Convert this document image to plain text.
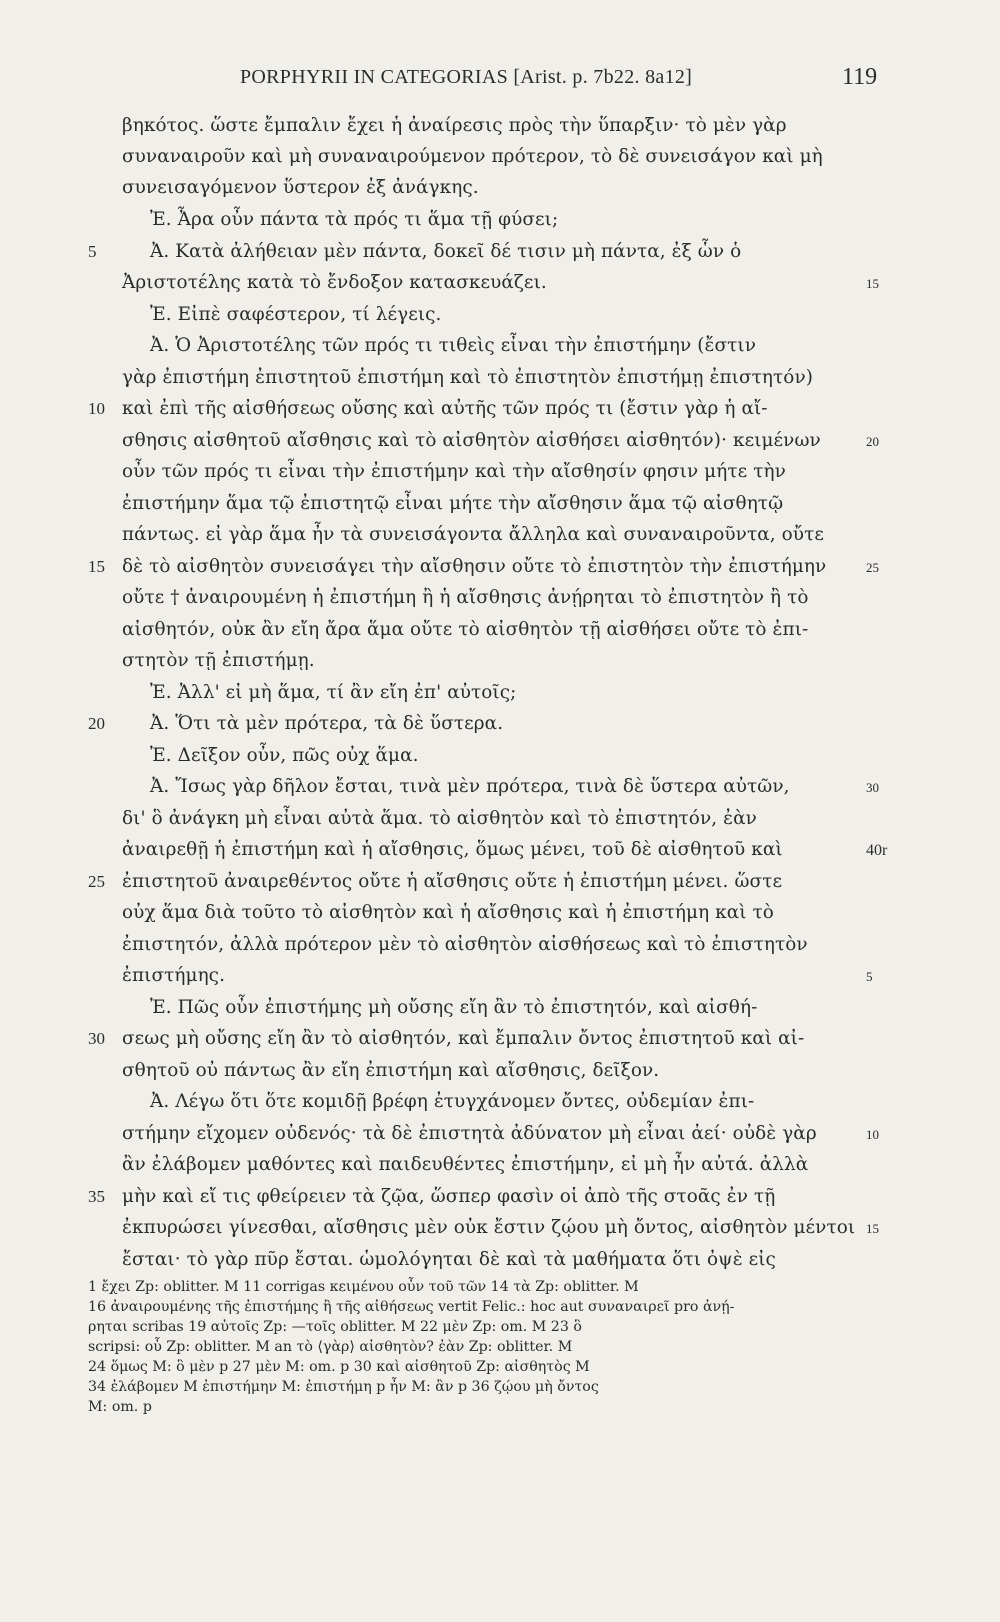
PORPHYRII IN CATEGORIAS [Arist. p. 7b22. 8a12]	119
βηκότος. ὥστε ἔμπαλιν ἔχει ἡ ἀναίρεσις πρὸς τὴν ὕπαρξιν· τὸ μὲν γὰρ
συναναιροῦν καὶ μὴ συναναιρούμενον πρότερον, τὸ δὲ συνεισάγον καὶ μὴ
συνεισαγόμενον ὕστερον ἐξ ἀνάγκης.
Ἐ. Ἆρα οὖν πάντα τὰ πρός τι ἅμα τῇ φύσει;
Ἀ. Κατὰ ἀλήθειαν μὲν πάντα, δοκεῖ δέ τισιν μὴ πάντα, ἐξ ὧν ὁ
Ἀριστοτέλης κατὰ τὸ ἔνδοξον κατασκευάζει.
Ἐ. Εἰπὲ σαφέστερον, τί λέγεις.
Ἀ. Ὁ Ἀριστοτέλης τῶν πρός τι τιθεὶς εἶναι τὴν ἐπιστήμην (ἔστιν
γὰρ ἐπιστήμη ἐπιστητοῦ ἐπιστήμη καὶ τὸ ἐπιστητὸν ἐπιστήμῃ ἐπιστητόν)
καὶ ἐπὶ τῆς αἰσθήσεως οὔσης καὶ αὐτῆς τῶν πρός τι (ἔστιν γὰρ ἡ αἴ-
σθησις αἰσθητοῦ αἴσθησις καὶ τὸ αἰσθητὸν αἰσθήσει αἰσθητόν)· κειμένων
οὖν τῶν πρός τι εἶναι τὴν ἐπιστήμην καὶ τὴν αἴσθησίν φησιν μήτε τὴν
ἐπιστήμην ἅμα τῷ ἐπιστητῷ εἶναι μήτε τὴν αἴσθησιν ἅμα τῷ αἰσθητῷ
πάντως. εἰ γὰρ ἅμα ἦν τὰ συνεισάγοντα ἄλληλα καὶ συναναιροῦντα, οὔτε
δὲ τὸ αἰσθητὸν συνεισάγει τὴν αἴσθησιν οὔτε τὸ ἐπιστητὸν τὴν ἐπιστήμην
οὔτε † ἀναιρουμένη ἡ ἐπιστήμη ἢ ἡ αἴσθησις ἀνῄρηται τὸ ἐπιστητὸν ἢ τὸ
αἰσθητόν, οὐκ ἂν εἴη ἄρα ἅμα οὔτε τὸ αἰσθητὸν τῇ αἰσθήσει οὔτε τὸ ἐπι-
στητὸν τῇ ἐπιστήμῃ.
Ἐ. Ἀλλ' εἰ μὴ ἅμα, τί ἂν εἴη ἐπ' αὐτοῖς;
Ἀ. Ὅτι τὰ μὲν πρότερα, τὰ δὲ ὕστερα.
Ἐ. Δεῖξον οὖν, πῶς οὐχ ἅμα.
Ἀ. Ἴσως γὰρ δῆλον ἔσται, τινὰ μὲν πρότερα, τινὰ δὲ ὕστερα αὐτῶν,
δι' ὃ ἀνάγκη μὴ εἶναι αὐτὰ ἅμα. τὸ αἰσθητὸν καὶ τὸ ἐπιστητόν, ἐὰν
ἀναιρεθῇ ἡ ἐπιστήμη καὶ ἡ αἴσθησις, ὅμως μένει, τοῦ δὲ αἰσθητοῦ καὶ
ἐπιστητοῦ ἀναιρεθέντος οὔτε ἡ αἴσθησις οὔτε ἡ ἐπιστήμη μένει. ὥστε
οὐχ ἅμα διὰ τοῦτο τὸ αἰσθητὸν καὶ ἡ αἴσθησις καὶ ἡ ἐπιστήμη καὶ τὸ
ἐπιστητόν, ἀλλὰ πρότερον μὲν τὸ αἰσθητὸν αἰσθήσεως καὶ τὸ ἐπιστητὸν
ἐπιστήμης.
Ἐ. Πῶς οὖν ἐπιστήμης μὴ οὔσης εἴη ἂν τὸ ἐπιστητόν, καὶ αἰσθή-
σεως μὴ οὔσης εἴη ἂν τὸ αἰσθητόν, καὶ ἔμπαλιν ὄντος ἐπιστητοῦ καὶ αἰ-
σθητοῦ οὐ πάντως ἂν εἴη ἐπιστήμη καὶ αἴσθησις, δεῖξον.
Ἀ. Λέγω ὅτι ὅτε κομιδῇ βρέφη ἐτυγχάνομεν ὄντες, οὐδεμίαν ἐπι-
στήμην εἴχομεν οὐδενός· τὰ δὲ ἐπιστητὰ ἀδύνατον μὴ εἶναι ἀεί· οὐδὲ γὰρ
ἂν ἐλάβομεν μαθόντες καὶ παιδευθέντες ἐπιστήμην, εἰ μὴ ἦν αὐτά. ἀλλὰ
μὴν καὶ εἴ τις φθείρειεν τὰ ζῷα, ὥσπερ φασὶν οἱ ἀπὸ τῆς στοᾶς ἐν τῇ
ἐκπυρώσει γίνεσθαι, αἴσθησις μὲν οὐκ ἔστιν ζῴου μὴ ὄντος, αἰσθητὸν μέντοι
ἔσται· τὸ γὰρ πῦρ ἔσται. ὡμολόγηται δὲ καὶ τὰ μαθήματα ὅτι ὀψὲ εἰς
5
10
15
20
25
30
35
15
20
25
30
40r
5
10
15
1 ἔχει Zp: oblitter. M 11 corrigas κειμένου οὖν τοῦ τῶν 14 τὰ Zp: oblitter. M
16 ἀναιρουμένης τῆς ἐπιστήμης ἢ τῆς αἰθήσεως vertit Felic.: hoc aut συναναιρεῖ pro ἀνῄ-
ρηται scribas 19 αὐτοῖς Zp: —τοῖς oblitter. M 22 μὲν Zp: om. M 23 ὃ
scripsi: οὗ Zp: oblitter. M an τὸ ⟨γὰρ⟩ αἰσθητὸν? ἐὰν Zp: oblitter. M
24 ὅμως M: ὃ μὲν p 27 μὲν M: om. p 30 καὶ αἰσθητοῦ Zp: αἰσθητὸς M
34 ἐλάβομεν M ἐπιστήμην M: ἐπιστήμη p ἦν M: ἂν p 36 ζῴου μὴ ὄντος
M: om. p
